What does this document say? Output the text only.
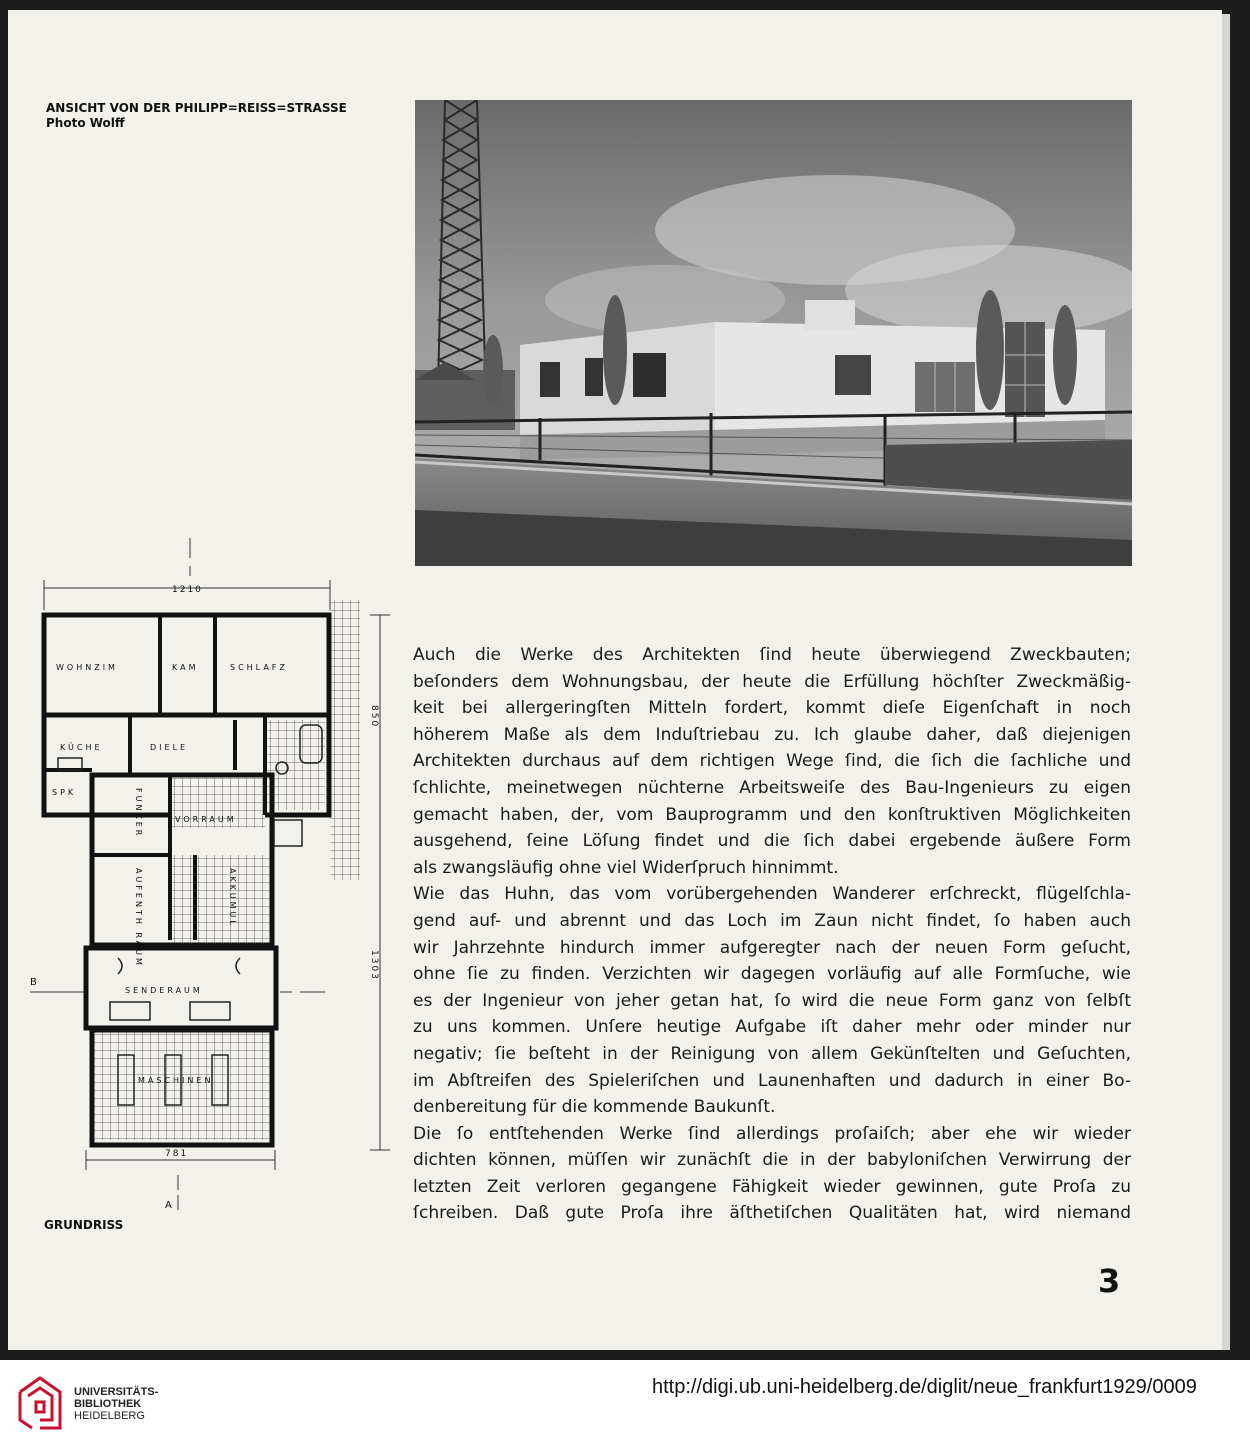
ANSICHT VON DER PHILIPP=REISS=STRASSE
Photo Wolff
WOHNZIM	KAM	SCHLAFZ
KÜCHE	DIELE
SPK
VORRAUM
SENDERAUM
MASCHINEN
FUNKER
AUFENTH RAUM	AKKUMUL
1210
850
1303
781
A
B
GRUNDRISS

Auch die Werke des Architekten ſind heute überwiegend Zweckbauten;

beſonders dem Wohnungsbau, der heute die Erfüllung höchſter Zweckmäßig-

keit bei allergeringſten Mitteln fordert, kommt dieſe Eigenſchaft in noch

höherem Maße als dem Induſtriebau zu. Ich glaube daher, daß diejenigen

Architekten durchaus auf dem richtigen Wege ſind, die ſich die ſachliche und

ſchlichte, meinetwegen nüchterne Arbeitsweiſe des Bau-Ingenieurs zu eigen

gemacht haben, der, vom Bauprogramm und den konſtruktiven Möglichkeiten

ausgehend, ſeine Löſung findet und die ſich dabei ergebende äußere Form

als zwangsläufig ohne viel Widerſpruch hinnimmt.

Wie das Huhn, das vom vorübergehenden Wanderer erſchreckt, flügelſchla-

gend auf- und abrennt und das Loch im Zaun nicht findet, ſo haben auch

wir Jahrzehnte hindurch immer aufgeregter nach der neuen Form geſucht,

ohne ſie zu finden. Verzichten wir dagegen vorläufig auf alle Formſuche, wie

es der Ingenieur von jeher getan hat, ſo wird die neue Form ganz von ſelbſt

zu uns kommen. Unſere heutige Aufgabe iſt daher mehr oder minder nur

negativ; ſie beſteht in der Reinigung von allem Gekünſtelten und Geſuchten,

im Abſtreifen des Spieleriſchen und Launenhaften und dadurch in einer Bo-

denbereitung für die kommende Baukunſt.

Die ſo entſtehenden Werke ſind allerdings proſaiſch; aber ehe wir wieder

dichten können, müſſen wir zunächſt die in der babyloniſchen Verwirrung der

letzten Zeit verloren gegangene Fähigkeit wieder gewinnen, gute Proſa zu

ſchreiben. Daß gute Proſa ihre äſthetiſchen Qualitäten hat, wird niemand

3
UNIVERSITÄTS-
BIBLIOTHEK
HEIDELBERG
http://digi.ub.uni-heidelberg.de/diglit/neue_frankfurt1929/0009
